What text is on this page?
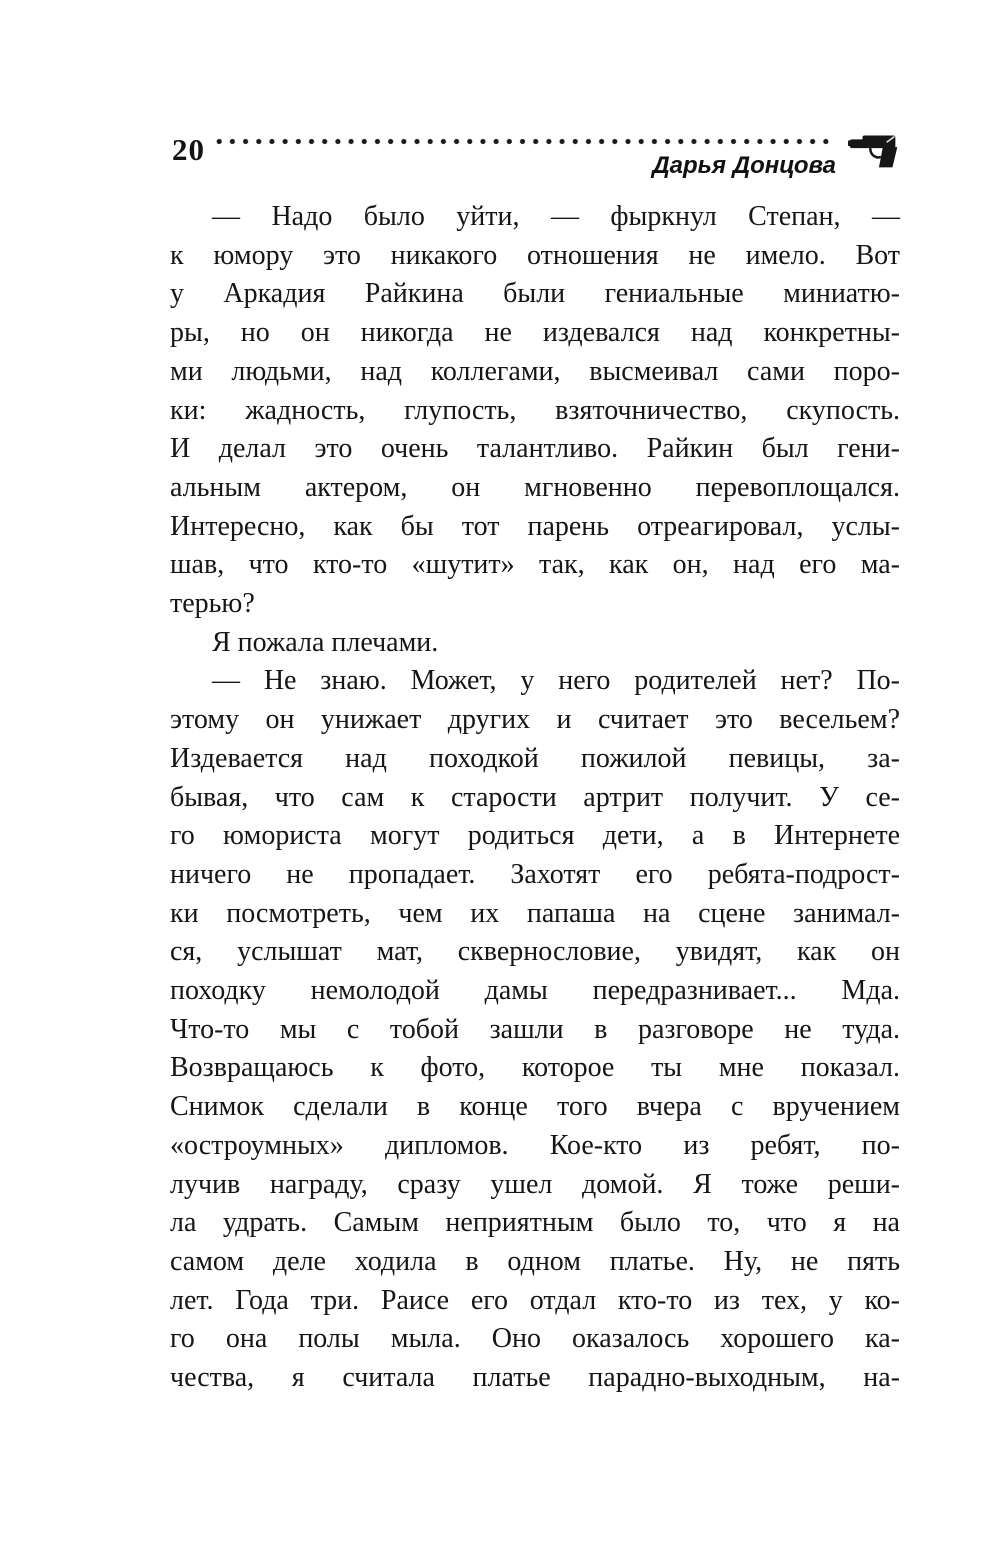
20	Дарья Донцова
— Надо было уйти, — фыркнул Степан, —
к юмору это никакого отношения не имело. Вот
у Аркадия Райкина были гениальные миниатю-
ры, но он никогда не издевался над конкретны-
ми людьми, над коллегами, высмеивал сами поро-
ки: жадность, глупость, взяточничество, скупость.
И делал это очень талантливо. Райкин был гени-
альным актером, он мгновенно перевоплощался.
Интересно, как бы тот парень отреагировал, услы-
шав, что кто-то «шутит» так, как он, над его ма-
терью?
Я пожала плечами.
— Не знаю. Может, у него родителей нет? По-
этому он унижает других и считает это весельем?
Издевается над походкой пожилой певицы, за-
бывая, что сам к старости артрит получит. У се-
го юмориста могут родиться дети, а в Интернете
ничего не пропадает. Захотят его ребята-подрост-
ки посмотреть, чем их папаша на сцене занимал-
ся, услышат мат, сквернословие, увидят, как он
походку немолодой дамы передразнивает... Мда.
Что-то мы с тобой зашли в разговоре не туда.
Возвращаюсь к фото, которое ты мне показал.
Снимок сделали в конце того вчера с вручением
«остроумных» дипломов. Кое-кто из ребят, по-
лучив награду, сразу ушел домой. Я тоже реши-
ла удрать. Самым неприятным было то, что я на
самом деле ходила в одном платье. Ну, не пять
лет. Года три. Раисе его отдал кто-то из тех, у ко-
го она полы мыла. Оно оказалось хорошего ка-
чества, я считала платье парадно-выходным, на-
